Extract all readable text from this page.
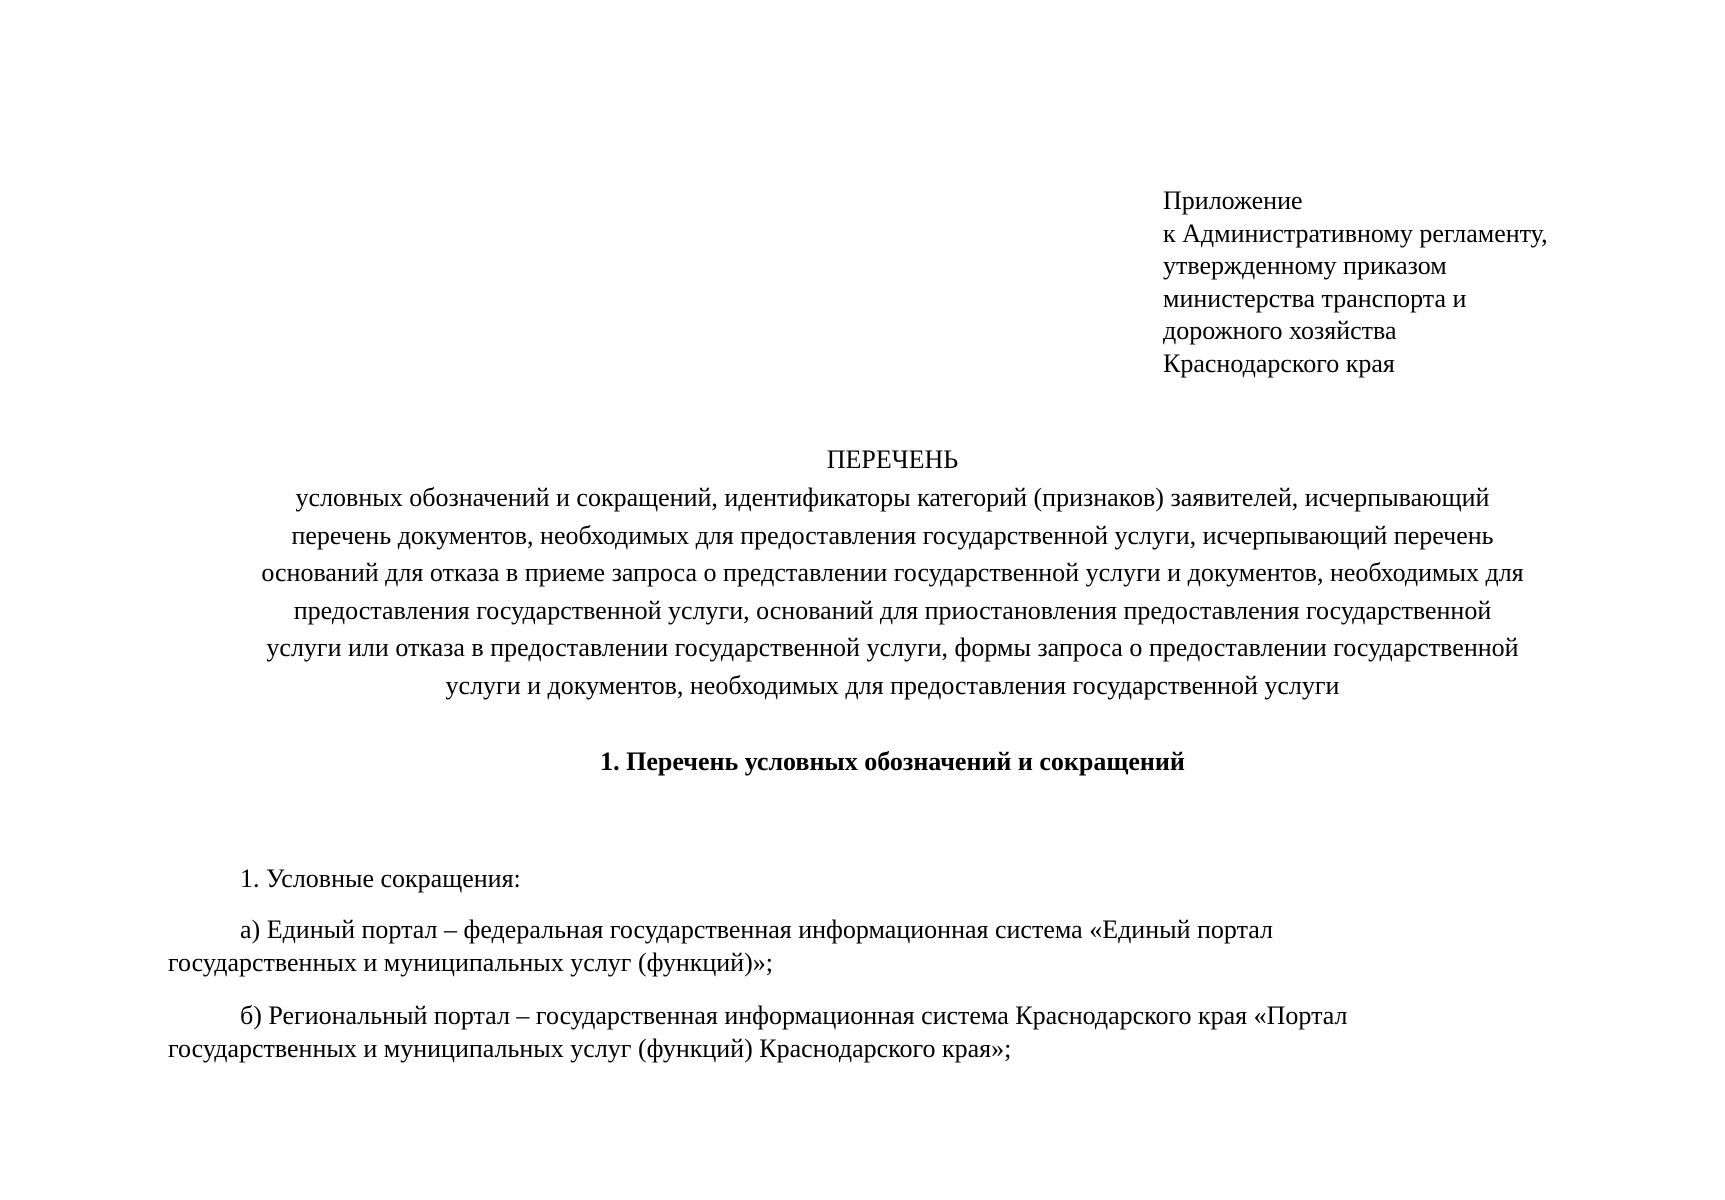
Приложение
к Административному регламенту,
утвержденному приказом
министерства транспорта и
дорожного хозяйства
Краснодарского края
ПЕРЕЧЕНЬ
условных обозначений и сокращений, идентификаторы категорий (признаков) заявителей, исчерпывающий
перечень документов, необходимых для предоставления государственной услуги, исчерпывающий перечень
оснований для отказа в приеме запроса о представлении государственной услуги и документов, необходимых для
предоставления государственной услуги, оснований для приостановления предоставления государственной
услуги или отказа в предоставлении государственной услуги, формы запроса о предоставлении государственной
услуги и документов, необходимых для предоставления государственной услуги
1. Перечень условных обозначений и сокращений
1. Условные сокращения:
а) Единый портал – федеральная государственная информационная система «Единый портал
государственных и муниципальных услуг (функций)»;
б) Региональный портал – государственная информационная система Краснодарского края «Портал
государственных и муниципальных услуг (функций) Краснодарского края»;
